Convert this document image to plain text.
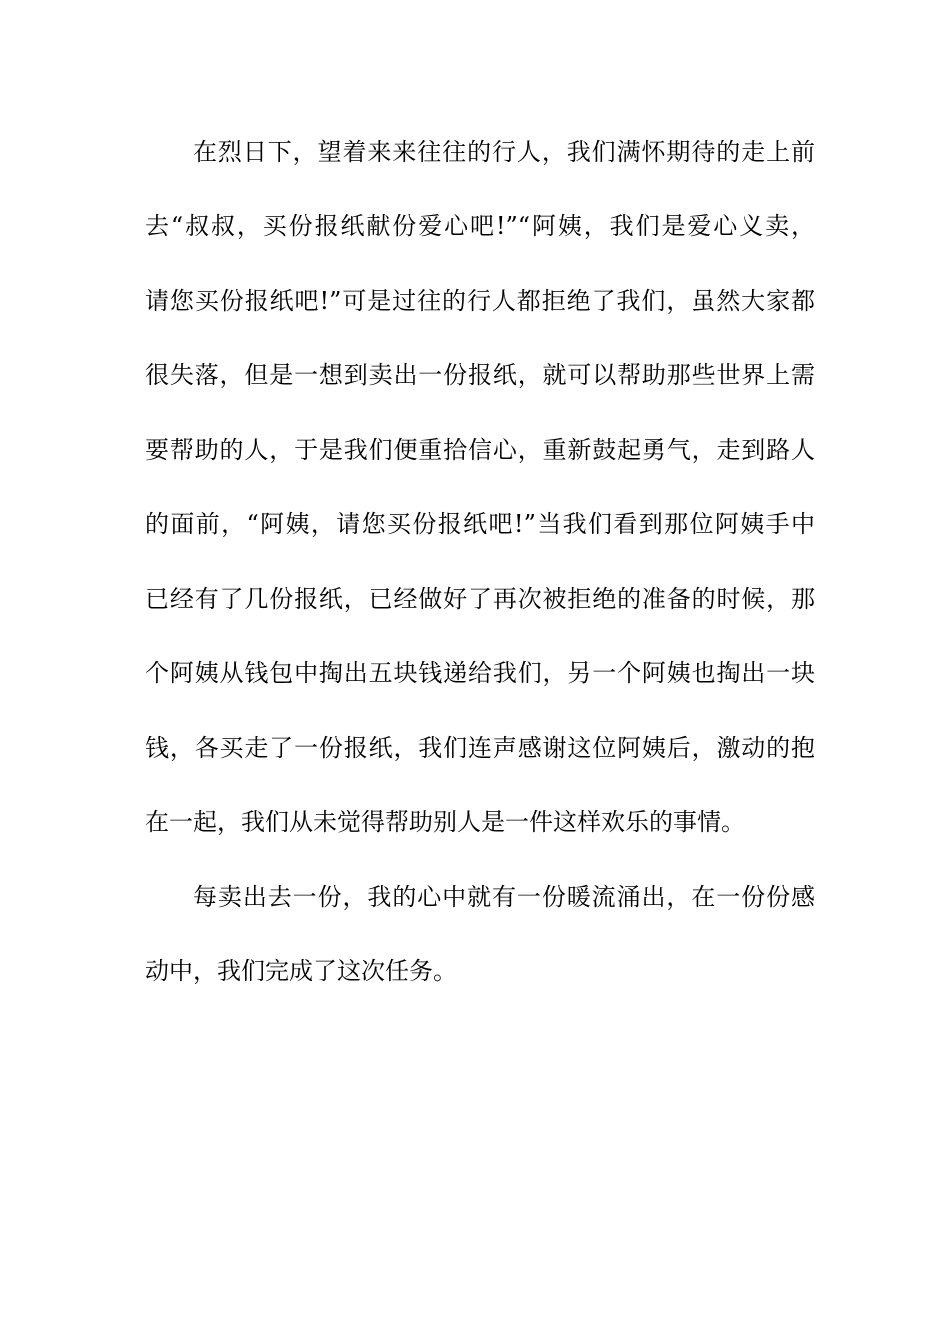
在烈日下，望着来来往往的行人，我们满怀期待的走上前
去“叔叔，买份报纸献份爱心吧!”“阿姨，我们是爱心义卖，
请您买份报纸吧!”可是过往的行人都拒绝了我们，虽然大家都
很失落，但是一想到卖出一份报纸，就可以帮助那些世界上需
要帮助的人，于是我们便重拾信心，重新鼓起勇气，走到路人
的面前，“阿姨，请您买份报纸吧!”当我们看到那位阿姨手中
已经有了几份报纸，已经做好了再次被拒绝的准备的时候，那
个阿姨从钱包中掏出五块钱递给我们，另一个阿姨也掏出一块
钱，各买走了一份报纸，我们连声感谢这位阿姨后，激动的抱
在一起，我们从未觉得帮助别人是一件这样欢乐的事情。
每卖出去一份，我的心中就有一份暖流涌出，在一份份感
动中，我们完成了这次任务。
